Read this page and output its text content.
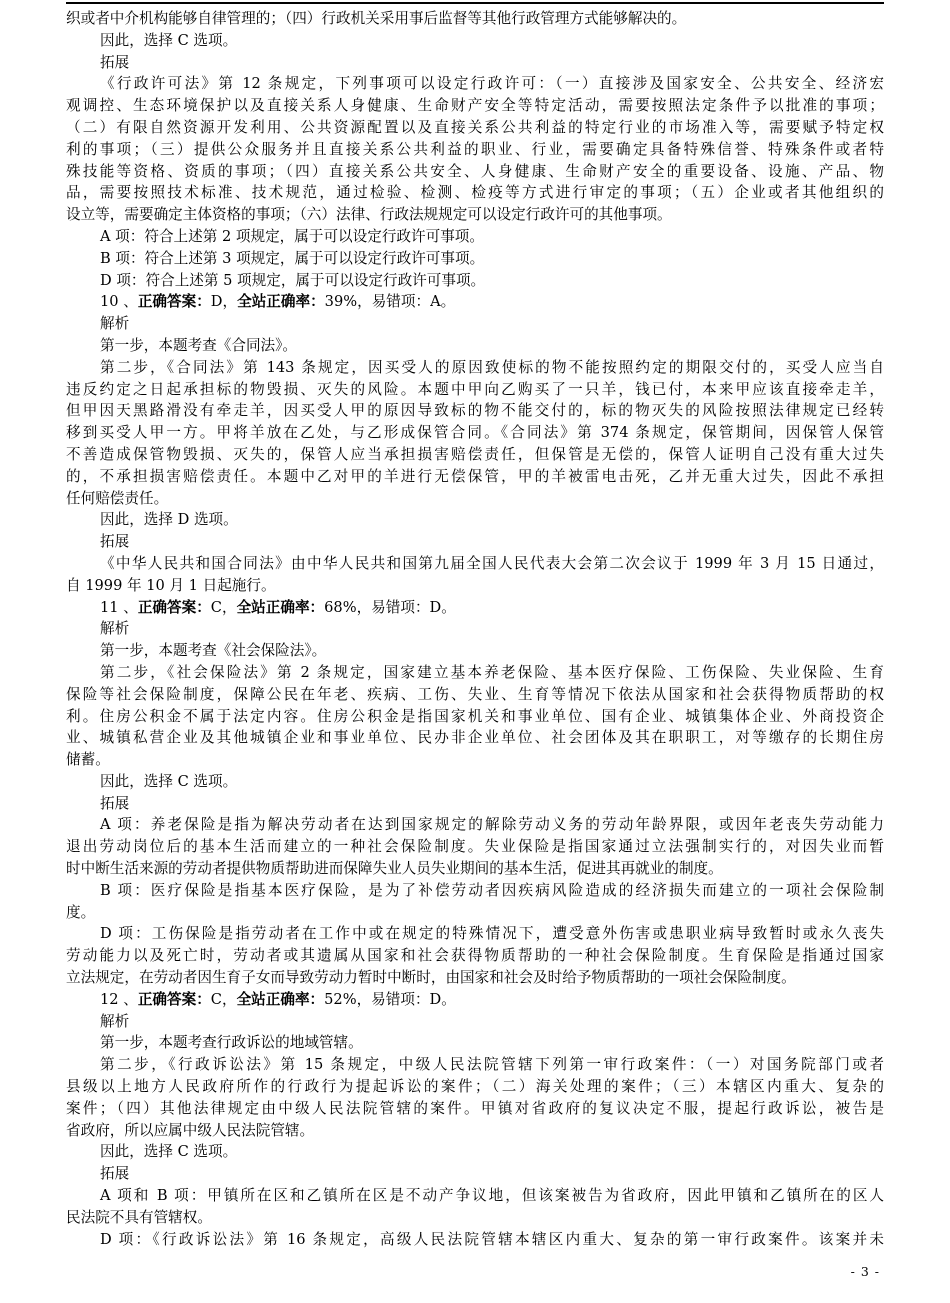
织或者中介机构能够自律管理的；（四）行政机关采用事后监督等其他行政管理方式能够解决的。
因此，选择 C 选项。
拓展
《行政许可法》第 12 条规定，下列事项可以设定行政许可：（一）直接涉及国家安全、公共安全、经济宏
观调控、生态环境保护以及直接关系人身健康、生命财产安全等特定活动，需要按照法定条件予以批准的事项；
（二）有限自然资源开发利用、公共资源配置以及直接关系公共利益的特定行业的市场准入等，需要赋予特定权
利的事项；（三）提供公众服务并且直接关系公共利益的职业、行业，需要确定具备特殊信誉、特殊条件或者特
殊技能等资格、资质的事项；（四）直接关系公共安全、人身健康、生命财产安全的重要设备、设施、产品、物
品，需要按照技术标准、技术规范，通过检验、检测、检疫等方式进行审定的事项；（五）企业或者其他组织的
设立等，需要确定主体资格的事项；（六）法律、行政法规规定可以设定行政许可的其他事项。
A 项：符合上述第 2 项规定，属于可以设定行政许可事项。
B 项：符合上述第 3 项规定，属于可以设定行政许可事项。
D 项：符合上述第 5 项规定，属于可以设定行政许可事项。
10 、正确答案：D，全站正确率：39%，易错项：A。
解析
第一步，本题考查《合同法》。
第二步，《合同法》第 143 条规定，因买受人的原因致使标的物不能按照约定的期限交付的，买受人应当自
违反约定之日起承担标的物毁损、灭失的风险。本题中甲向乙购买了一只羊，钱已付，本来甲应该直接牵走羊，
但甲因天黑路滑没有牵走羊，因买受人甲的原因导致标的物不能交付的，标的物灭失的风险按照法律规定已经转
移到买受人甲一方。甲将羊放在乙处，与乙形成保管合同。《合同法》第 374 条规定，保管期间，因保管人保管
不善造成保管物毁损、灭失的，保管人应当承担损害赔偿责任，但保管是无偿的，保管人证明自己没有重大过失
的，不承担损害赔偿责任。本题中乙对甲的羊进行无偿保管，甲的羊被雷电击死，乙并无重大过失，因此不承担
任何赔偿责任。
因此，选择 D 选项。
拓展
《中华人民共和国合同法》由中华人民共和国第九届全国人民代表大会第二次会议于 1999 年 3 月 15 日通过，
自 1999 年 10 月 1 日起施行。
11 、正确答案：C，全站正确率：68%，易错项：D。
解析
第一步，本题考查《社会保险法》。
第二步，《社会保险法》第 2 条规定，国家建立基本养老保险、基本医疗保险、工伤保险、失业保险、生育
保险等社会保险制度，保障公民在年老、疾病、工伤、失业、生育等情况下依法从国家和社会获得物质帮助的权
利。住房公积金不属于法定内容。住房公积金是指国家机关和事业单位、国有企业、城镇集体企业、外商投资企
业、城镇私营企业及其他城镇企业和事业单位、民办非企业单位、社会团体及其在职职工，对等缴存的长期住房
储蓄。
因此，选择 C 选项。
拓展
A 项：养老保险是指为解决劳动者在达到国家规定的解除劳动义务的劳动年龄界限，或因年老丧失劳动能力
退出劳动岗位后的基本生活而建立的一种社会保险制度。失业保险是指国家通过立法强制实行的，对因失业而暂
时中断生活来源的劳动者提供物质帮助进而保障失业人员失业期间的基本生活，促进其再就业的制度。
B 项：医疗保险是指基本医疗保险，是为了补偿劳动者因疾病风险造成的经济损失而建立的一项社会保险制
度。
D 项：工伤保险是指劳动者在工作中或在规定的特殊情况下，遭受意外伤害或患职业病导致暂时或永久丧失
劳动能力以及死亡时，劳动者或其遗属从国家和社会获得物质帮助的一种社会保险制度。生育保险是指通过国家
立法规定，在劳动者因生育子女而导致劳动力暂时中断时，由国家和社会及时给予物质帮助的一项社会保险制度。
12 、正确答案：C，全站正确率：52%，易错项：D。
解析
第一步，本题考查行政诉讼的地域管辖。
第二步，《行政诉讼法》第 15 条规定，中级人民法院管辖下列第一审行政案件：（一）对国务院部门或者
县级以上地方人民政府所作的行政行为提起诉讼的案件；（二）海关处理的案件；（三）本辖区内重大、复杂的
案件；（四）其他法律规定由中级人民法院管辖的案件。甲镇对省政府的复议决定不服，提起行政诉讼，被告是
省政府，所以应属中级人民法院管辖。
因此，选择 C 选项。
拓展
A 项和 B 项：甲镇所在区和乙镇所在区是不动产争议地，但该案被告为省政府，因此甲镇和乙镇所在的区人
民法院不具有管辖权。
D 项：《行政诉讼法》第 16 条规定，高级人民法院管辖本辖区内重大、复杂的第一审行政案件。该案并未
- 3 -
